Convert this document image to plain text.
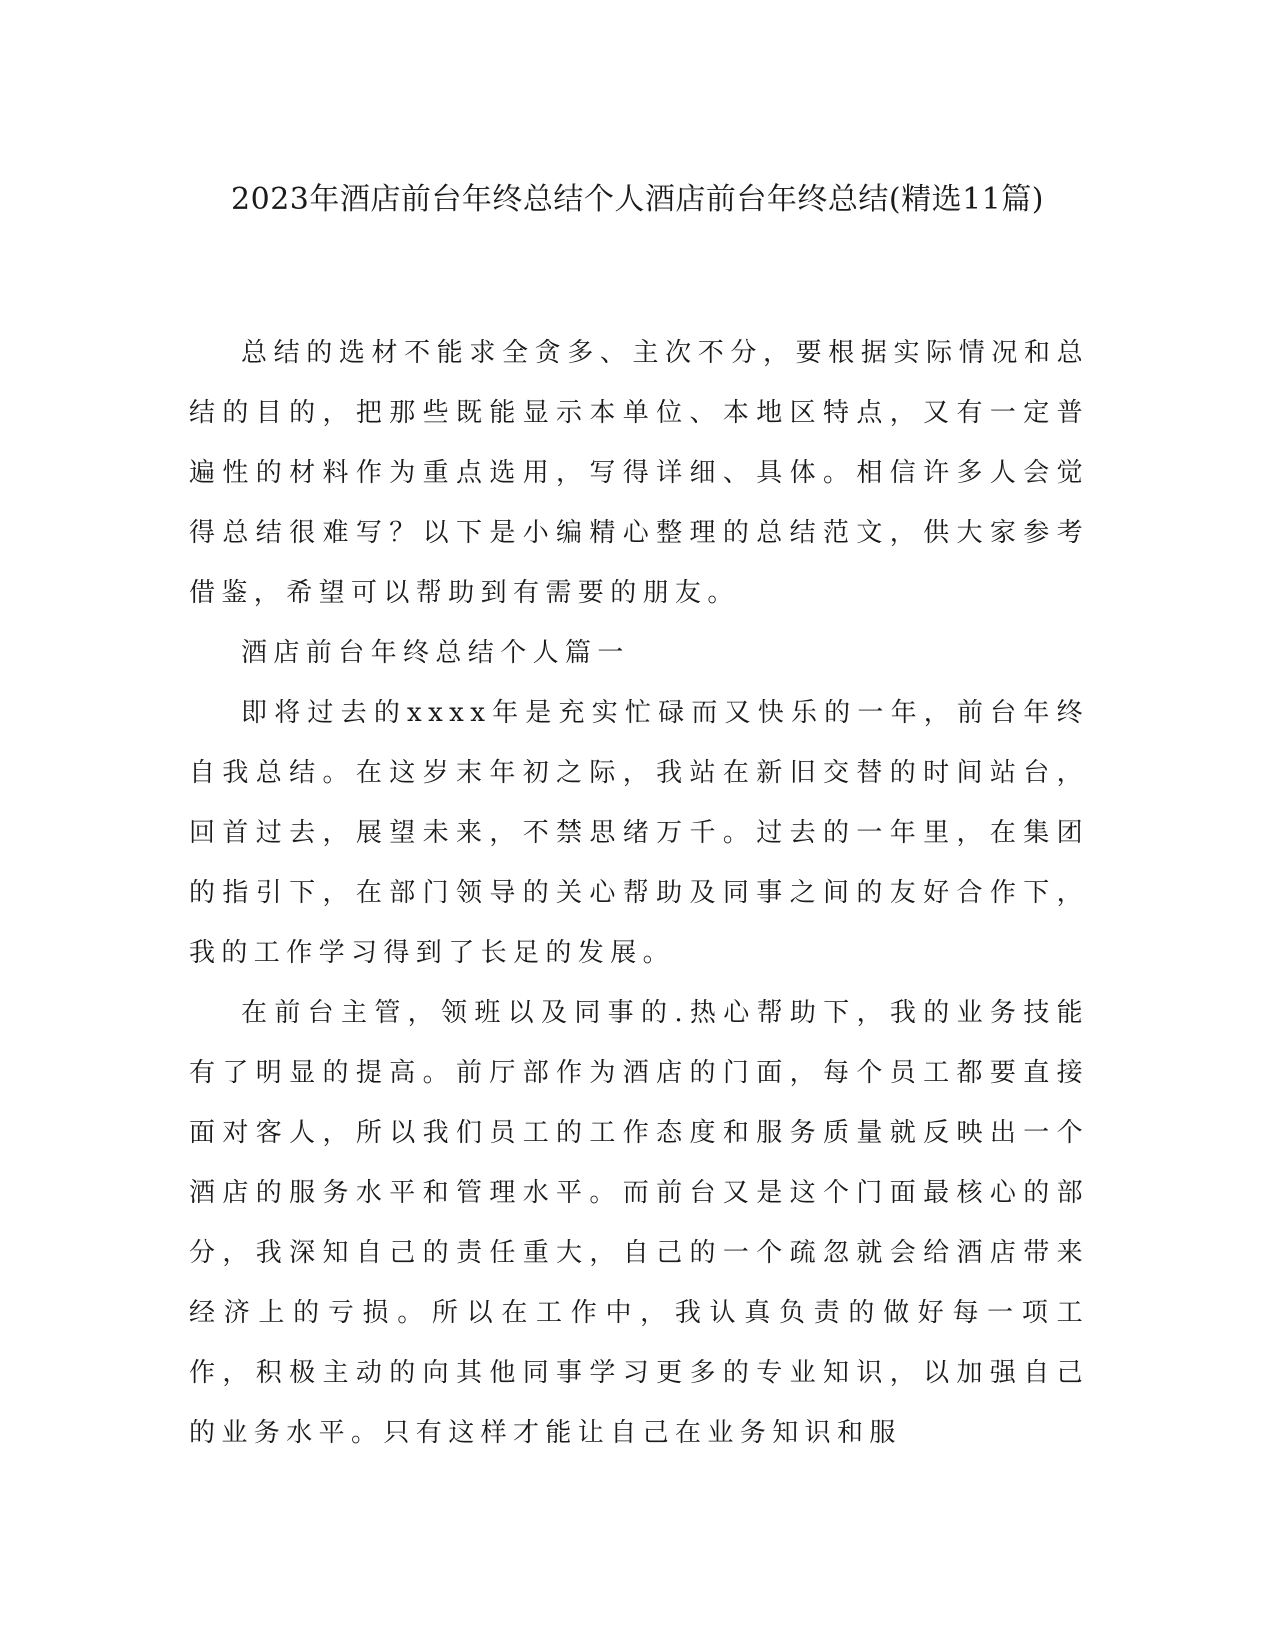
2023年酒店前台年终总结个人酒店前台年终总结(精选11篇)

总结的选材不能求全贪多、主次不分，要根据实际情况和总结的目的，把那些既能显示本单位、本地区特点，又有一定普遍性的材料作为重点选用，写得详细、具体。相信许多人会觉得总结很难写？以下是小编精心整理的总结范文，供大家参考借鉴，希望可以帮助到有需要的朋友。

酒店前台年终总结个人篇一

即将过去的xxxx年是充实忙碌而又快乐的一年，前台年终自我总结。在这岁末年初之际，我站在新旧交替的时间站台，回首过去，展望未来，不禁思绪万千。过去的一年里，在集团的指引下，在部门领导的关心帮助及同事之间的友好合作下，我的工作学习得到了长足的发展。

在前台主管，领班以及同事的.热心帮助下，我的业务技能有了明显的提高。前厅部作为酒店的门面，每个员工都要直接面对客人，所以我们员工的工作态度和服务质量就反映出一个酒店的服务水平和管理水平。而前台又是这个门面最核心的部分，我深知自己的责任重大，自己的一个疏忽就会给酒店带来经济上的亏损。所以在工作中，我认真负责的做好每一项工作，积极主动的向其他同事学习更多的专业知识，以加强自己的业务水平。只有这样才能让自己在业务知识和服
